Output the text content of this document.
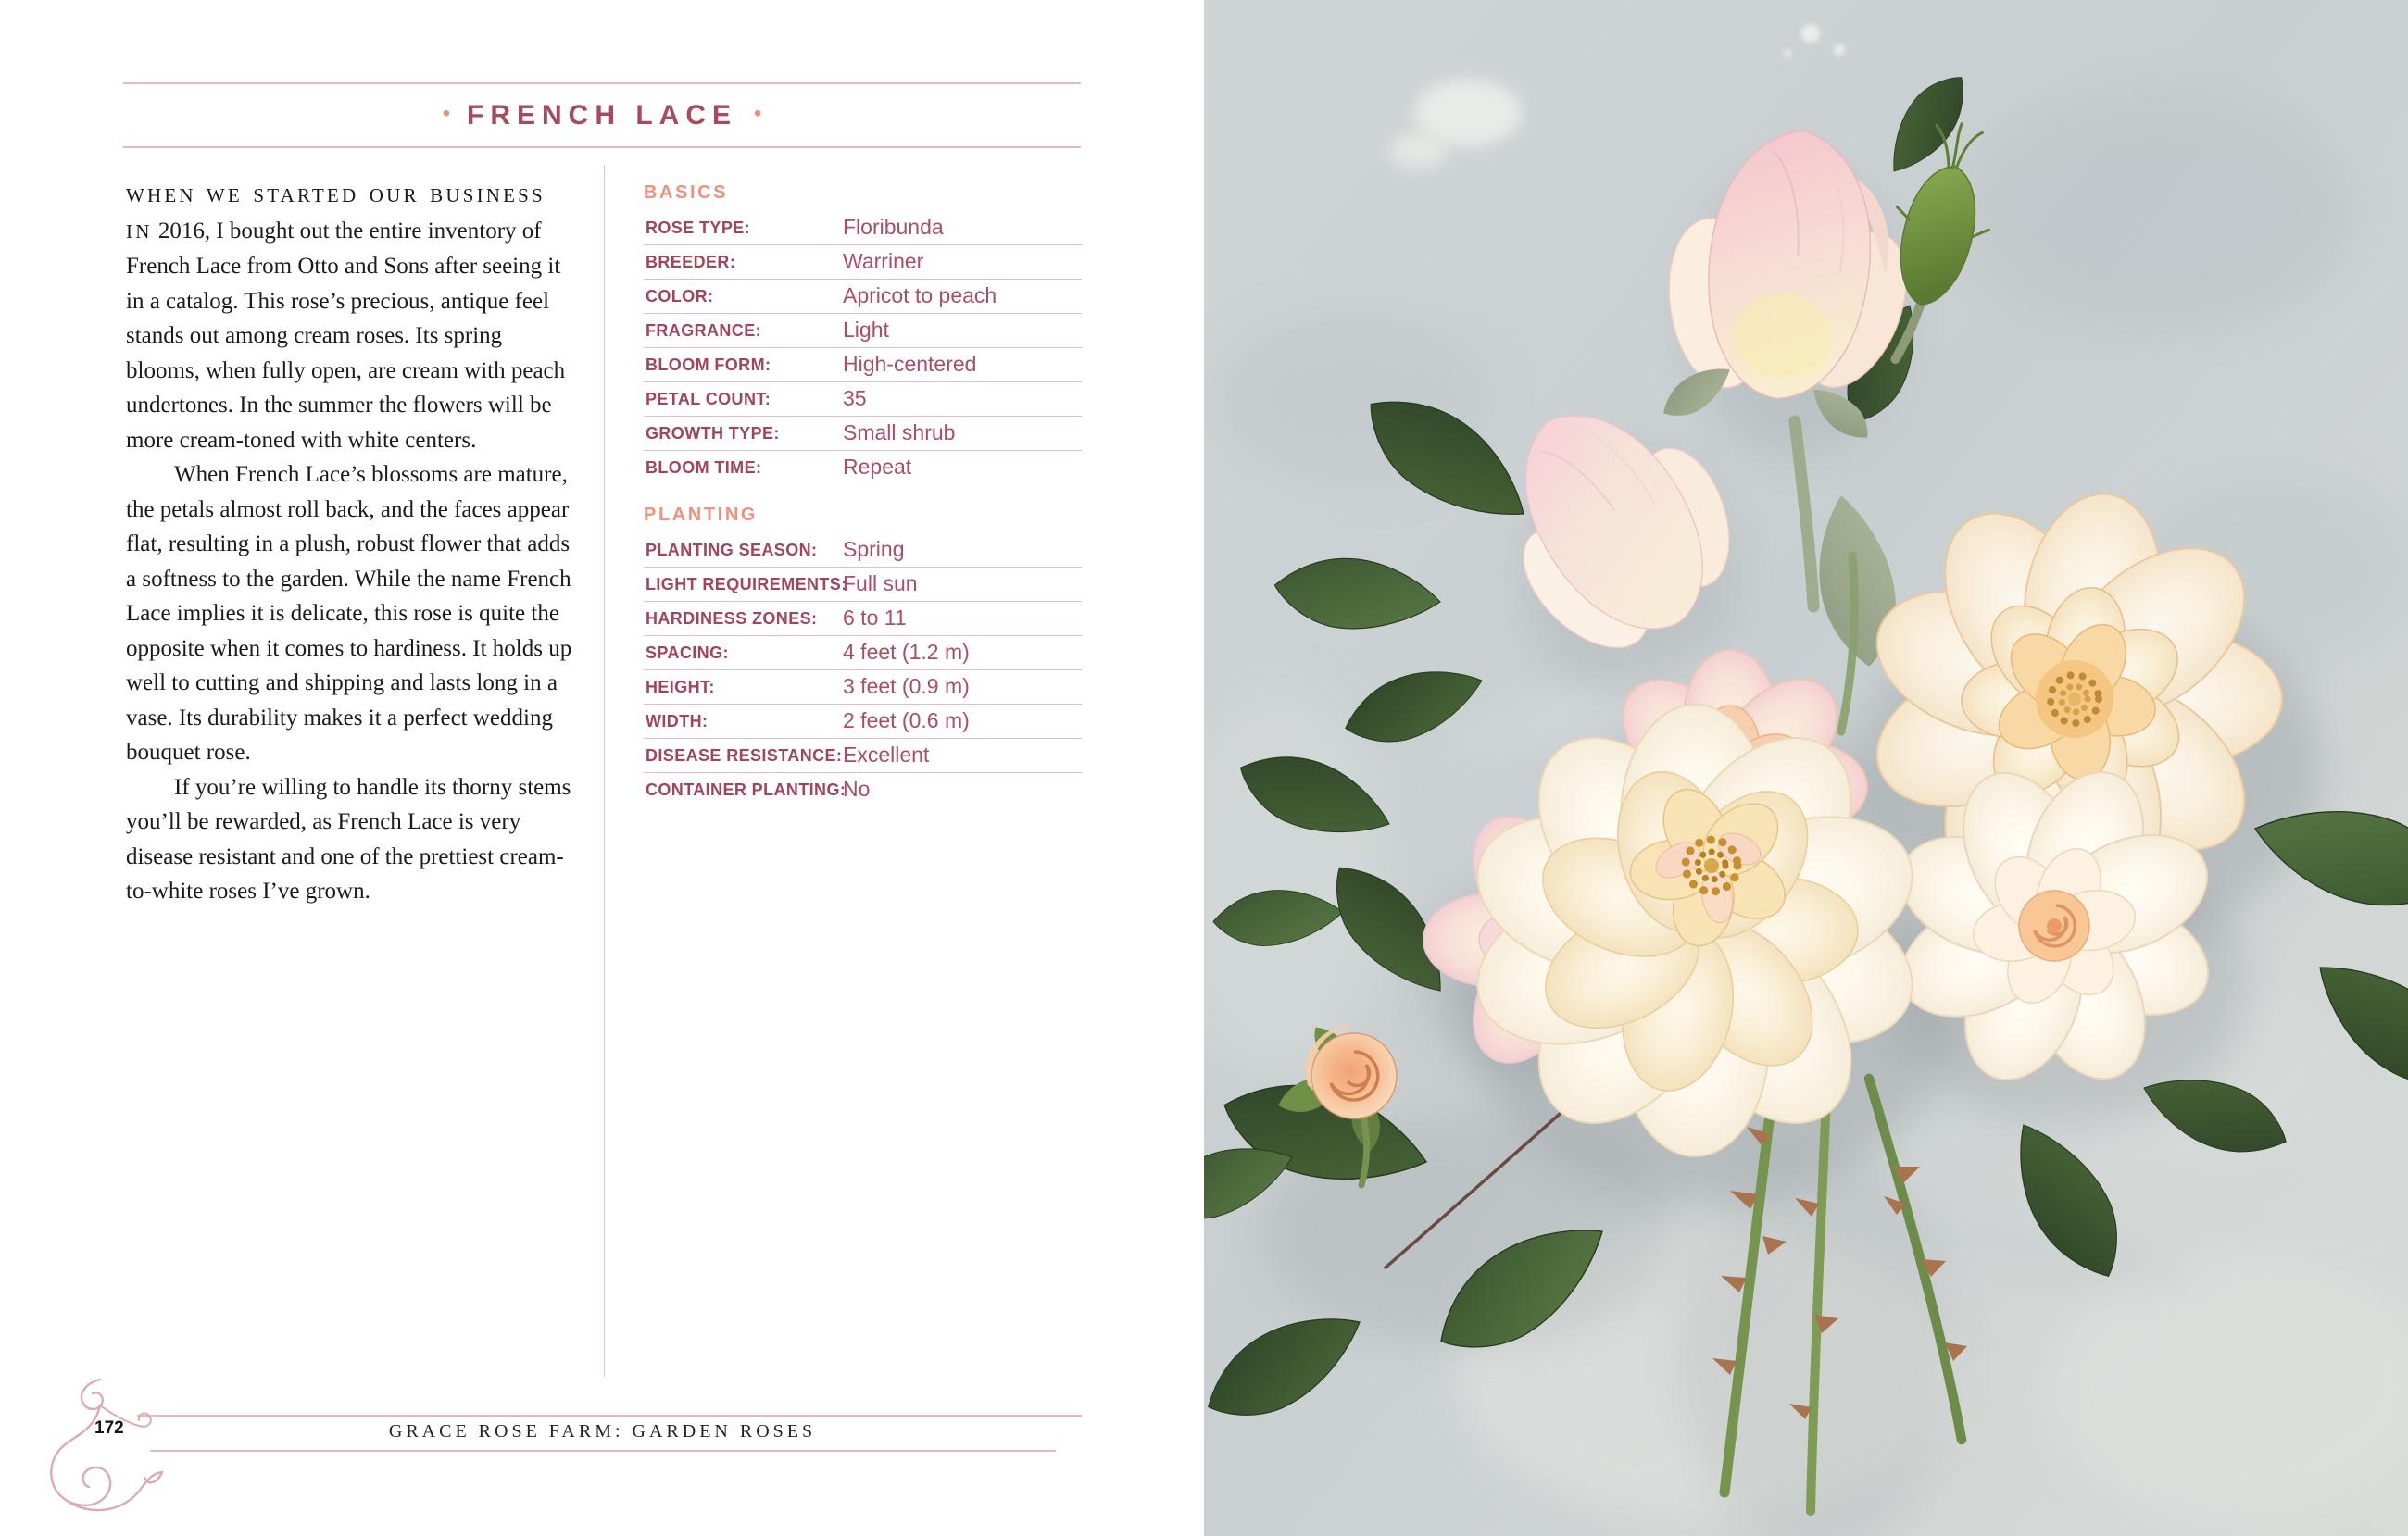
• FRENCH LACE •

WHEN WE STARTED OUR BUSINESS IN 2016, I bought out the entire inventory of French Lace from Otto and Sons after seeing it in a catalog. This rose’s precious, antique feel stands out among cream roses. Its spring blooms, when fully open, are cream with peach undertones. In the summer the flowers will be more cream-toned with white centers.

When French Lace’s blossoms are mature, the petals almost roll back, and the faces appear flat, resulting in a plush, robust flower that adds a softness to the garden. While the name French Lace implies it is delicate, this rose is quite the opposite when it comes to hardiness. It holds up well to cutting and shipping and lasts long in a vase. Its durability makes it a perfect wedding bouquet rose.

If you’re willing to handle its thorny stems you’ll be rewarded, as French Lace is very disease resistant and one of the prettiest cream-to-white roses I’ve grown.

BASICS
ROSE TYPE:	Floribunda
BREEDER:	Warriner
COLOR:	Apricot to peach
FRAGRANCE:	Light
BLOOM FORM:	High-centered
PETAL COUNT:	35
GROWTH TYPE:	Small shrub
BLOOM TIME:	Repeat
PLANTING
PLANTING SEASON: Spring
LIGHT REQUIREMENTS:
Full sun
HARDINESS ZONES: 6 to 11
SPACING:	4 feet (1.2 m)
HEIGHT:	3 feet (0.9 m)
WIDTH:	2 feet (0.6 m)
DISEASE RESISTANCE: Excellent
CONTAINER PLANTING:
No
172	GRACE ROSE FARM: GARDEN ROSES
